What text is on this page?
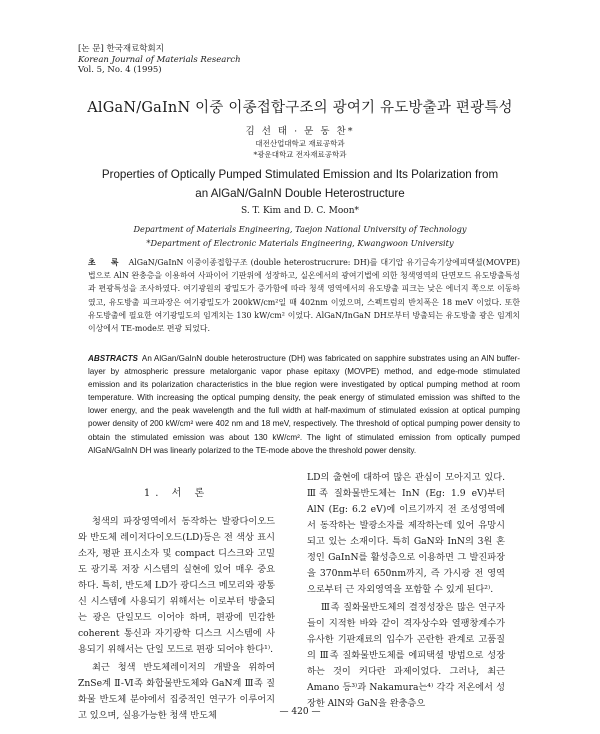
[논 문] 한국재료학회지
Korean Journal of Materials Research
Vol. 5, No. 4 (1995)
AlGaN/GaInN 이중 이종접합구조의 광여기 유도방출과 편광특성
김 선 태 · 문 동 찬*
대전산업대학교 재료공학과
*광운대학교 전자재료공학과
Properties of Optically Pumped Stimulated Emission and Its Polarization from
an AlGaN/GaInN Double Heterostructure
S. T. Kim and D. C. Moon*
Department of Materials Engineering, Taejon National University of Technology
*Department of Electronic Materials Engineering, Kwangwoon University
초 록 AlGaN/GaInN 이중이종접합구조 (double heterostrucrure: DH)를 대기압 유기금속기상에피택셜(MOVPE)법으로 AlN 완충층을 이용하여 사파이어 기판위에 성장하고, 실온에서의 광여기법에 의한 청색영역의 단면모드 유도방출특성과 편광특성을 조사하였다. 여기광원의 광밀도가 증가함에 따라 청색 영역에서의 유도방출 피크는 낮은 에너지 쪽으로 이동하였고, 유도방출 피크파장은 여기광밀도가 200kW/cm²일 때 402nm 이었으며, 스펙트럼의 반치폭은 18 meV 이었다. 또한 유도방출에 필요한 여기광밀도의 임계치는 130 kW/cm² 이었다. AlGaN/InGaN DH로부터 방출되는 유도방출 광은 임계치 이상에서 TE-mode로 편광 되었다.
ABSTRACTS An AlGan/GaInN double heterostructure (DH) was fabricated on sapphire substrates using an AlN buffer-layer by atmospheric pressure metalorganic vapor phase epitaxy (MOVPE) method, and edge-mode stimulated emission and its polarization characteristics in the blue region were investigated by optical pumping method at room temperature. With increasing the optical pumping density, the peak energy of stimulated emission was shifted to the lower energy, and the peak wavelength and the full width at half-maximum of stimulated exission at optical pumping power density of 200 kW/cm² were 402 nm and 18 meV, respectively. The threshold of optical pumping power density to obtain the stimulated emission was about 130 kW/cm². The light of stimulated emission from optically pumped AlGaN/GaInN DH was linearly polarized to the TE-mode above the threshold power density.
1. 서 론

청색의 파장영역에서 동작하는 발광다이오드와 반도체 레이저다이오드(LD)등은 전 색상 표시소자, 평판 표시소자 및 compact 디스크와 고밀도 광기록 저장 시스템의 실현에 있어 매우 중요하다. 특히, 반도체 LD가 광디스크 메모리와 광통신 시스템에 사용되기 위해서는 이로부터 방출되는 광은 단일모드 이어야 하며, 편광에 민감한 coherent 통신과 자기광학 디스크 시스템에 사용되기 위해서는 단일 모드로 편광 되어야 한다¹⁾.

최근 청색 반도체레이저의 개발을 위하여 ZnSe계 Ⅱ-Ⅵ족 화합물반도체와 GaN계 Ⅲ족 질화물 반도체 분야에서 집중적인 연구가 이루어지고 있으며, 실용가능한 청색 반도체

LD의 출현에 대하여 많은 관심이 모아지고 있다. Ⅲ족 질화물반도체는 InN (Eg: 1.9 eV)부터 AlN (Eg: 6.2 eV)에 이르기까지 전 조성영역에서 동작하는 발광소자를 제작하는데 있어 유망시 되고 있는 소재이다. 특히 GaN와 InN의 3원 혼정인 GaInN를 활성층으로 이용하면 그 발진파장을 370nm부터 650nm까지, 즉 가시광 전 영역으로부터 근 자외영역을 포함할 수 있게 된다²⁾.

Ⅲ족 질화물반도체의 결정성장은 많은 연구자들이 지적한 바와 같이 격자상수와 열팽창계수가 유사한 기판재료의 입수가 곤란한 관계로 고품질의 Ⅲ족 질화물반도체를 에피택셜 방법으로 성장하는 것이 커다란 과제이었다. 그러나, 최근 Amano 등³⁾과 Nakamura는⁴⁾ 각각 저온에서 성장한 AlN와 GaN을 완충층으

— 420 —
